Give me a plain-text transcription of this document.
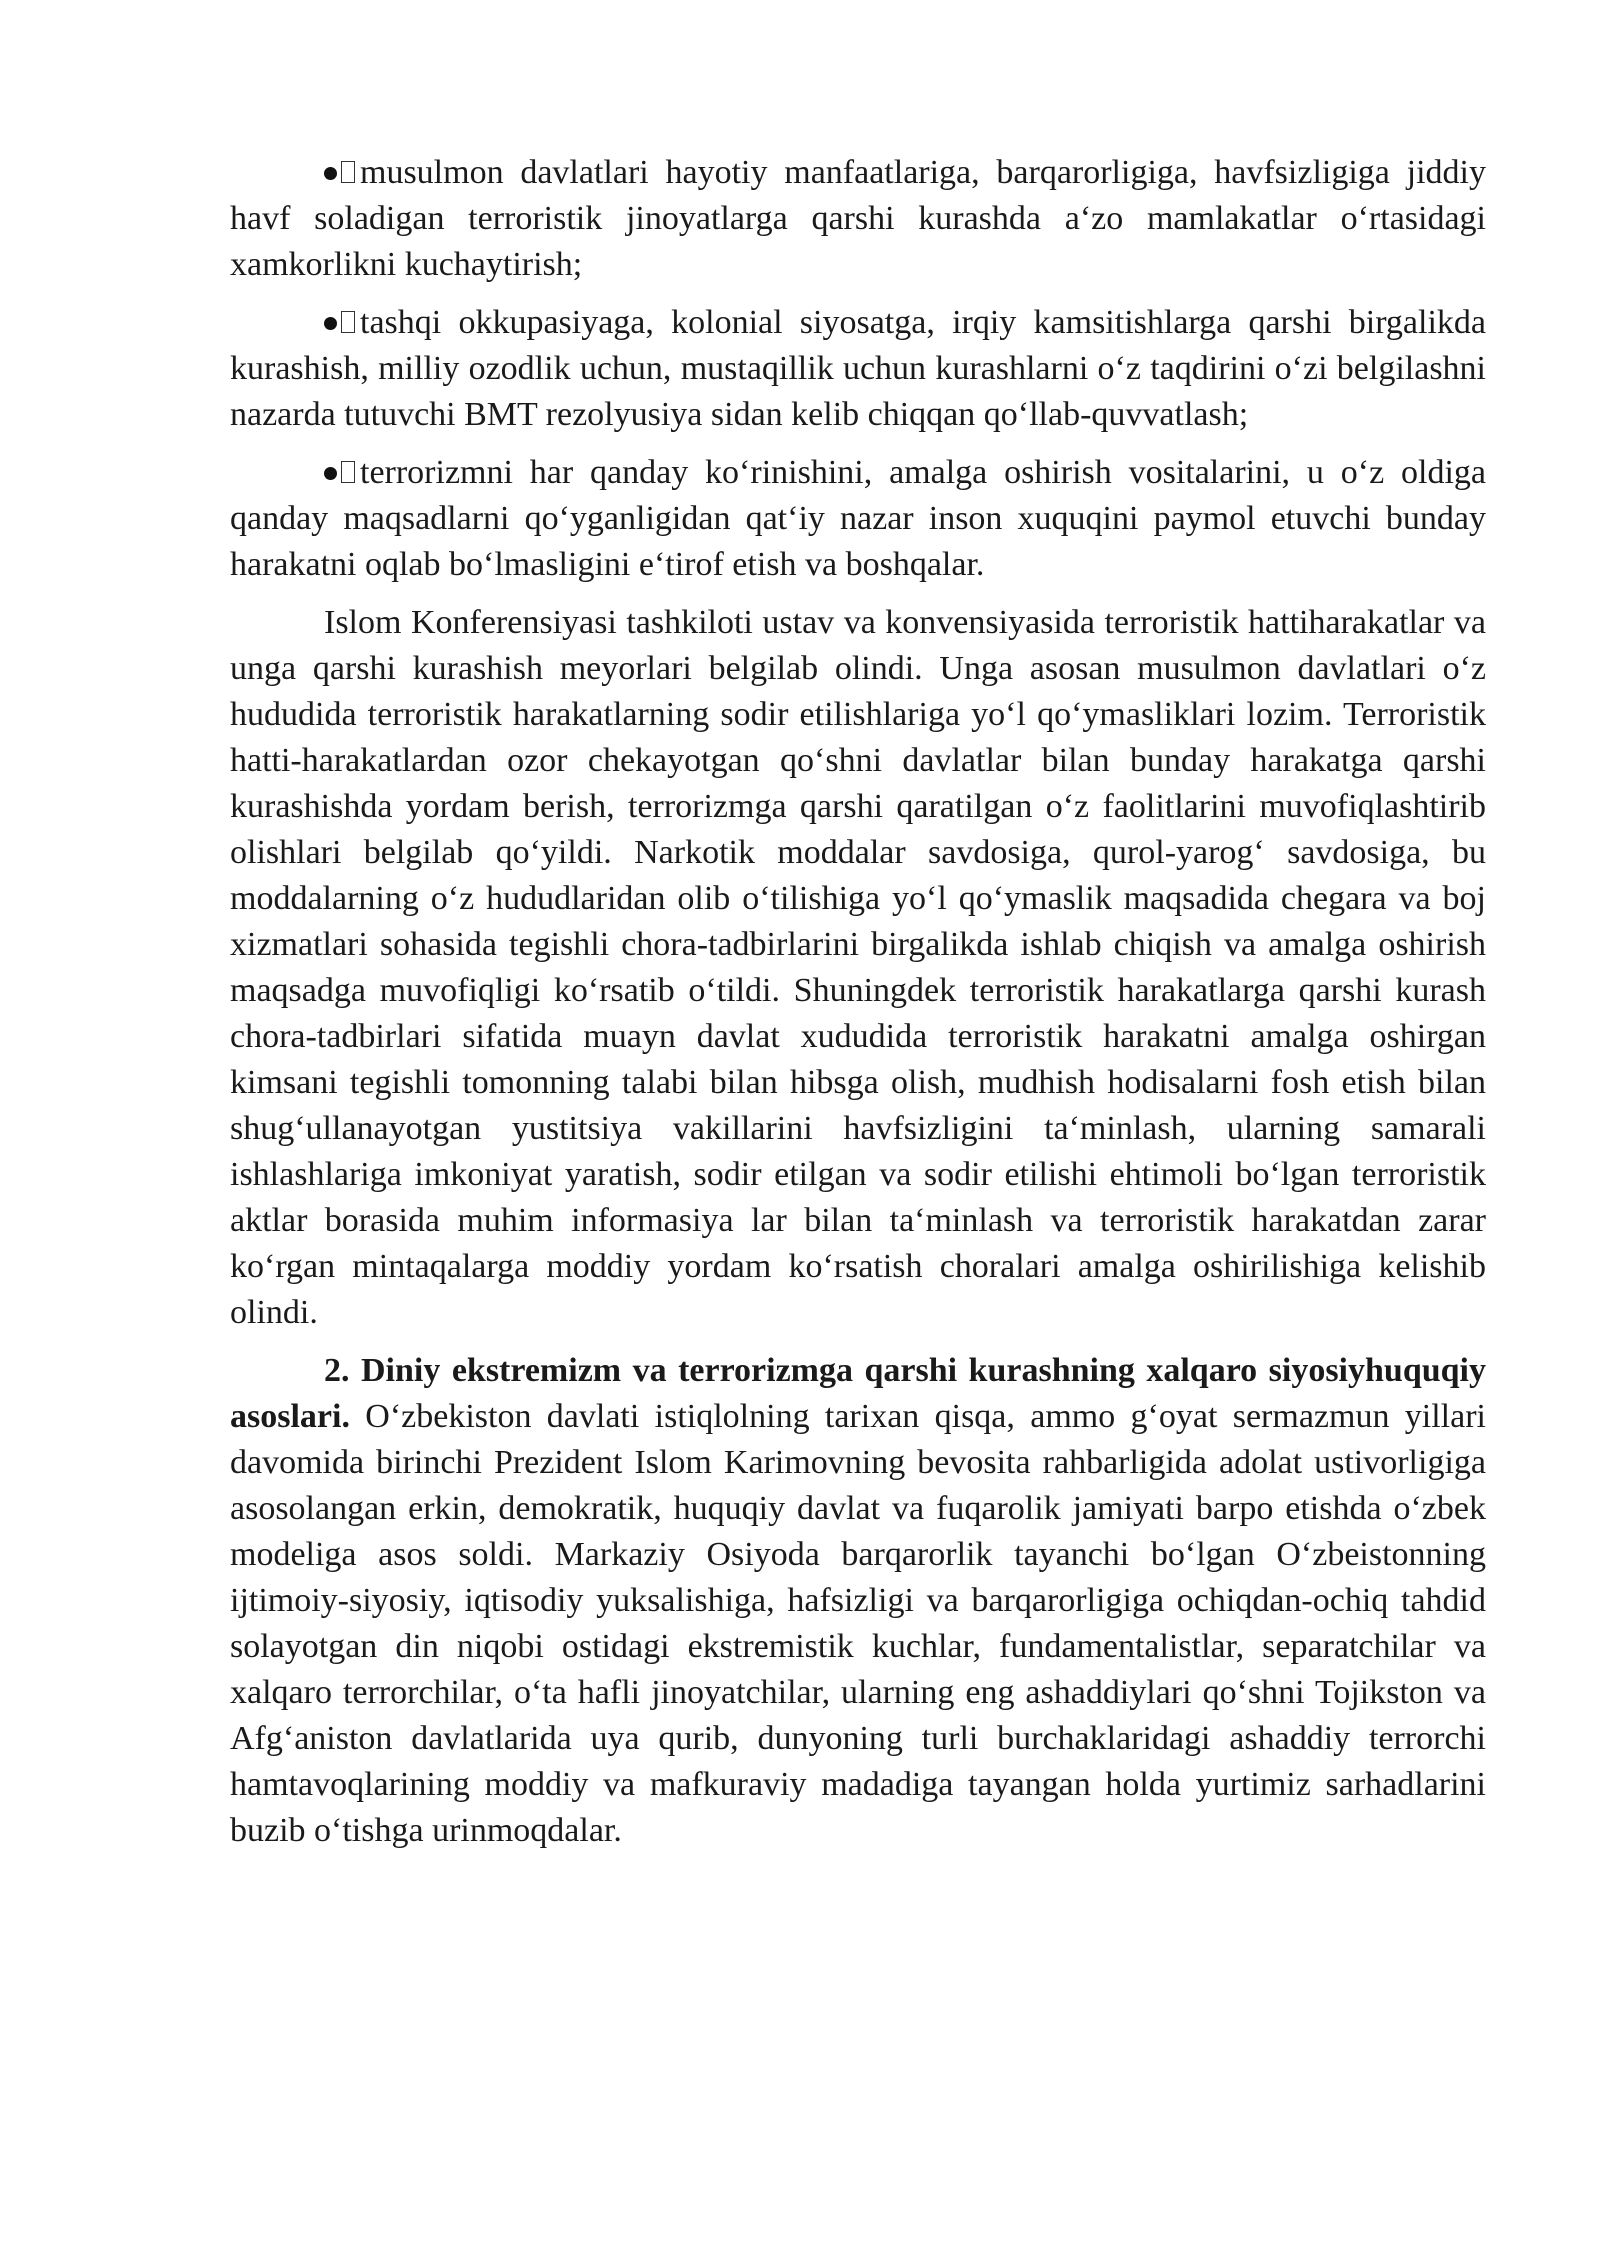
musulmon davlatlari hayotiy manfaatlariga, barqarorligiga, havfsizligiga jiddiy havf soladigan terroristik jinoyatlarga qarshi kurashda a‘zo mamlakatlar o‘rtasidagi xamkorlikni kuchaytirish;

tashqi okkupasiyaga, kolonial siyosatga, irqiy kamsitishlarga qarshi birgalikda kurashish, milliy ozodlik uchun, mustaqillik uchun kurashlarni o‘z taqdirini o‘zi belgilashni nazarda tutuvchi BMT rezolyusiya sidan kelib chiqqan qo‘llab-quvvatlash;

terrorizmni har qanday ko‘rinishini, amalga oshirish vositalarini, u o‘z oldiga qanday maqsadlarni qo‘yganligidan qat‘iy nazar inson xuquqini paymol etuvchi bunday harakatni oqlab bo‘lmasligini e‘tirof etish va boshqalar.

Islom Konferensiyasi tashkiloti ustav va konvensiyasida terroristik hattiharakatlar va unga qarshi kurashish meyorlari belgilab olindi. Unga asosan musulmon davlatlari o‘z hududida terroristik harakatlarning sodir etilishlariga yo‘l qo‘ymasliklari lozim. Terroristik hatti-harakatlardan ozor chekayotgan qo‘shni davlatlar bilan bunday harakatga qarshi kurashishda yordam berish, terrorizmga qarshi qaratilgan o‘z faolitlarini muvofiqlashtirib olishlari belgilab qo‘yildi. Narkotik moddalar savdosiga, qurol-yarog‘ savdosiga, bu moddalarning o‘z hududlaridan olib o‘tilishiga yo‘l qo‘ymaslik maqsadida chegara va boj xizmatlari sohasida tegishli chora-tadbirlarini birgalikda ishlab chiqish va amalga oshirish maqsadga muvofiqligi ko‘rsatib o‘tildi. Shuningdek terroristik harakatlarga qarshi kurash chora-tadbirlari sifatida muayn davlat xududida terroristik harakatni amalga oshirgan kimsani tegishli tomonning talabi bilan hibsga olish, mudhish hodisalarni fosh etish bilan shug‘ullanayotgan yustitsiya vakillarini havfsizligini ta‘minlash, ularning samarali ishlashlariga imkoniyat yaratish, sodir etilgan va sodir etilishi ehtimoli bo‘lgan terroristik aktlar borasida muhim informasiya lar bilan ta‘minlash va terroristik harakatdan zarar ko‘rgan mintaqalarga moddiy yordam ko‘rsatish choralari amalga oshirilishiga kelishib olindi.

2. Diniy ekstremizm va terrorizmga qarshi kurashning xalqaro siyosiyhuquqiy asoslari. O‘zbekiston davlati istiqlolning tarixan qisqa, ammo g‘oyat sermazmun yillari davomida birinchi Prezident Islom Karimovning bevosita rahbarligida adolat ustivorligiga asosolangan erkin, demokratik, huquqiy davlat va fuqarolik jamiyati barpo etishda o‘zbek modeliga asos soldi. Markaziy Osiyoda barqarorlik tayanchi bo‘lgan O‘zbeistonning ijtimoiy-siyosiy, iqtisodiy yuksalishiga, hafsizligi va barqarorligiga ochiqdan-ochiq tahdid solayotgan din niqobi ostidagi ekstremistik kuchlar, fundamentalistlar, separatchilar va xalqaro terrorchilar, o‘ta hafli jinoyatchilar, ularning eng ashaddiylari qo‘shni Tojikston va Afg‘aniston davlatlarida uya qurib, dunyoning turli burchaklaridagi ashaddiy terrorchi hamtavoqlarining moddiy va mafkuraviy madadiga tayangan holda yurtimiz sarhadlarini buzib o‘tishga urinmoqdalar.
